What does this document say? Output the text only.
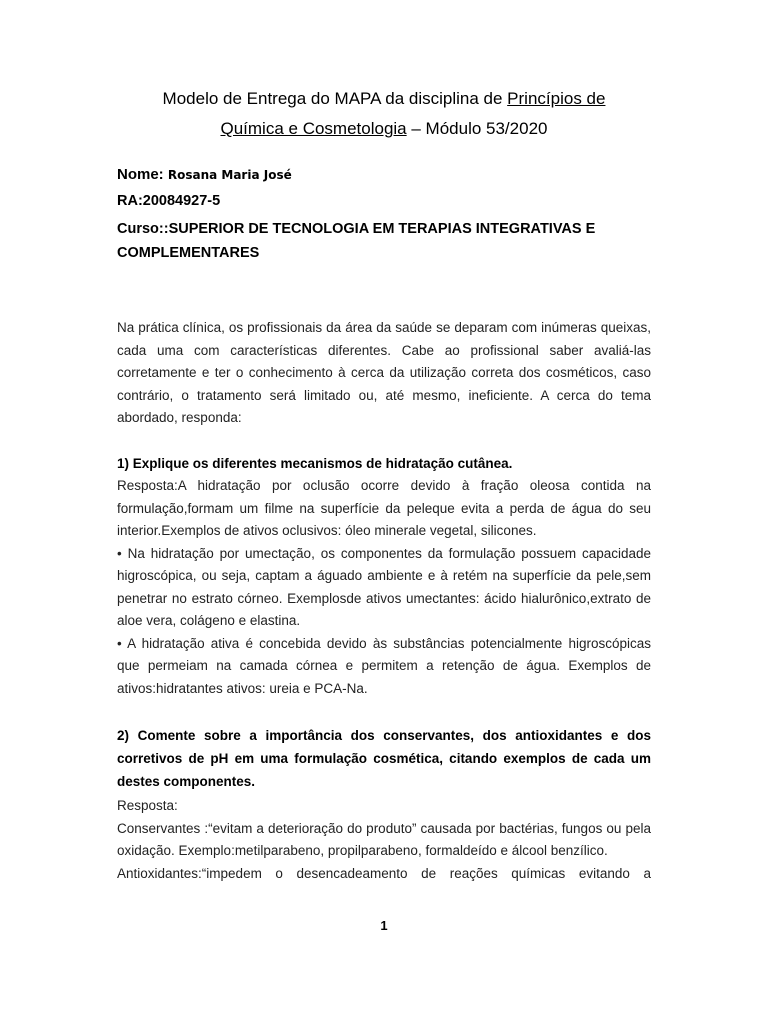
Modelo de Entrega do MAPA da disciplina de Princípios de
Química e Cosmetologia – Módulo 53/2020
Nome: Rosana Maria José
RA:20084927-5
Curso::SUPERIOR DE TECNOLOGIA EM TERAPIAS INTEGRATIVAS E COMPLEMENTARES

Na prática clínica, os profissionais da área da saúde se deparam com inúmeras queixas, cada uma com características diferentes. Cabe ao profissional saber avaliá-las corretamente e ter o conhecimento à cerca da utilização correta dos cosméticos, caso contrário, o tratamento será limitado ou, até mesmo, ineficiente. A cerca do tema abordado, responda:

1) Explique os diferentes mecanismos de hidratação cutânea.

Resposta:A hidratação por oclusão ocorre devido à fração oleosa contida na formulação,formam um filme na superfície da peleque evita a perda de água do seu interior.Exemplos de ativos oclusivos: óleo minerale vegetal, silicones.

• Na hidratação por umectação, os componentes da formulação possuem capacidade higroscópica, ou seja, captam a águado ambiente e à retém na superfície da pele,sem penetrar no estrato córneo. Exemplosde ativos umectantes: ácido hialurônico,extrato de aloe vera, colágeno e elastina.

• A hidratação ativa é concebida devido às substâncias potencialmente higroscópicas que permeiam na camada córnea e permitem a retenção de água. Exemplos de ativos:hidratantes ativos: ureia e PCA-Na.

2) Comente sobre a importância dos conservantes, dos antioxidantes e dos corretivos de pH em uma formulação cosmética, citando exemplos de cada um destes componentes.

Resposta:

Conservantes :“evitam a deterioração do produto” causada por bactérias, fungos ou pela oxidação. Exemplo:metilparabeno, propilparabeno, formaldeído e álcool benzílico.

Antioxidantes:“impedem o desencadeamento de reações químicas evitando a

1
